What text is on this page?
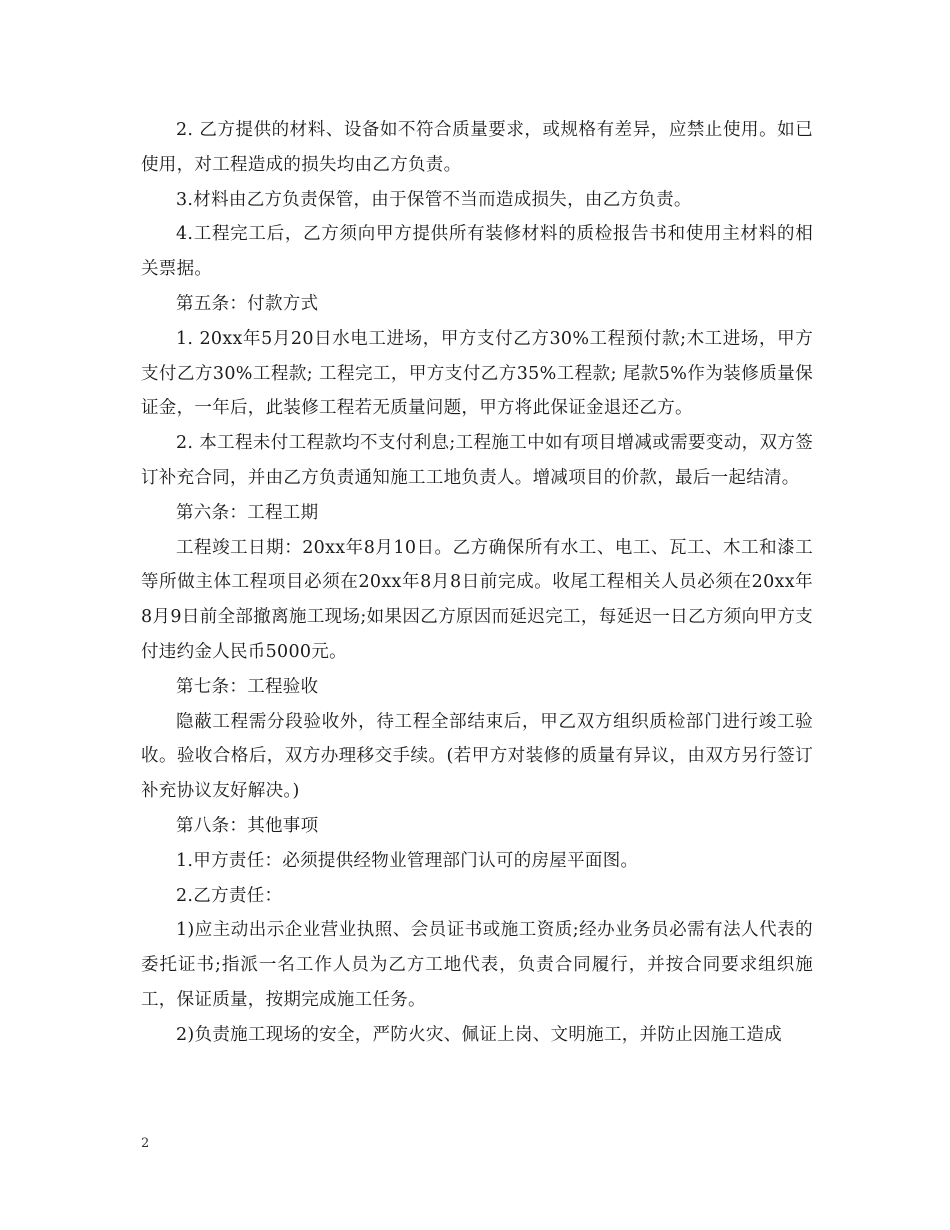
2. 乙方提供的材料、设备如不符合质量要求，或规格有差异，应禁止使用。如已使用，对工程造成的损失均由乙方负责。

3.材料由乙方负责保管，由于保管不当而造成损失，由乙方负责。

4.工程完工后，乙方须向甲方提供所有装修材料的质检报告书和使用主材料的相关票据。

第五条：付款方式

1. 20xx年5月20日水电工进场，甲方支付乙方30%工程预付款;木工进场，甲方支付乙方30%工程款; 工程完工，甲方支付乙方35%工程款; 尾款5%作为装修质量保证金，一年后，此装修工程若无质量问题，甲方将此保证金退还乙方。

2. 本工程未付工程款均不支付利息;工程施工中如有项目增减或需要变动，双方签订补充合同，并由乙方负责通知施工工地负责人。增减项目的价款，最后一起结清。

第六条：工程工期

工程竣工日期：20xx年8月10日。乙方确保所有水工、电工、瓦工、木工和漆工等所做主体工程项目必须在20xx年8月8日前完成。收尾工程相关人员必须在20xx年8月9日前全部撤离施工现场;如果因乙方原因而延迟完工，每延迟一日乙方须向甲方支付违约金人民币5000元。

第七条：工程验收

隐蔽工程需分段验收外，待工程全部结束后，甲乙双方组织质检部门进行竣工验收。验收合格后，双方办理移交手续。(若甲方对装修的质量有异议，由双方另行签订补充协议友好解决。)

第八条：其他事项

1.甲方责任：必须提供经物业管理部门认可的房屋平面图。

2.乙方责任：

1)应主动出示企业营业执照、会员证书或施工资质;经办业务员必需有法人代表的委托证书;指派一名工作人员为乙方工地代表，负责合同履行，并按合同要求组织施工，保证质量，按期完成施工任务。

2)负责施工现场的安全，严防火灾、佩证上岗、文明施工，并防止因施工造成

2
